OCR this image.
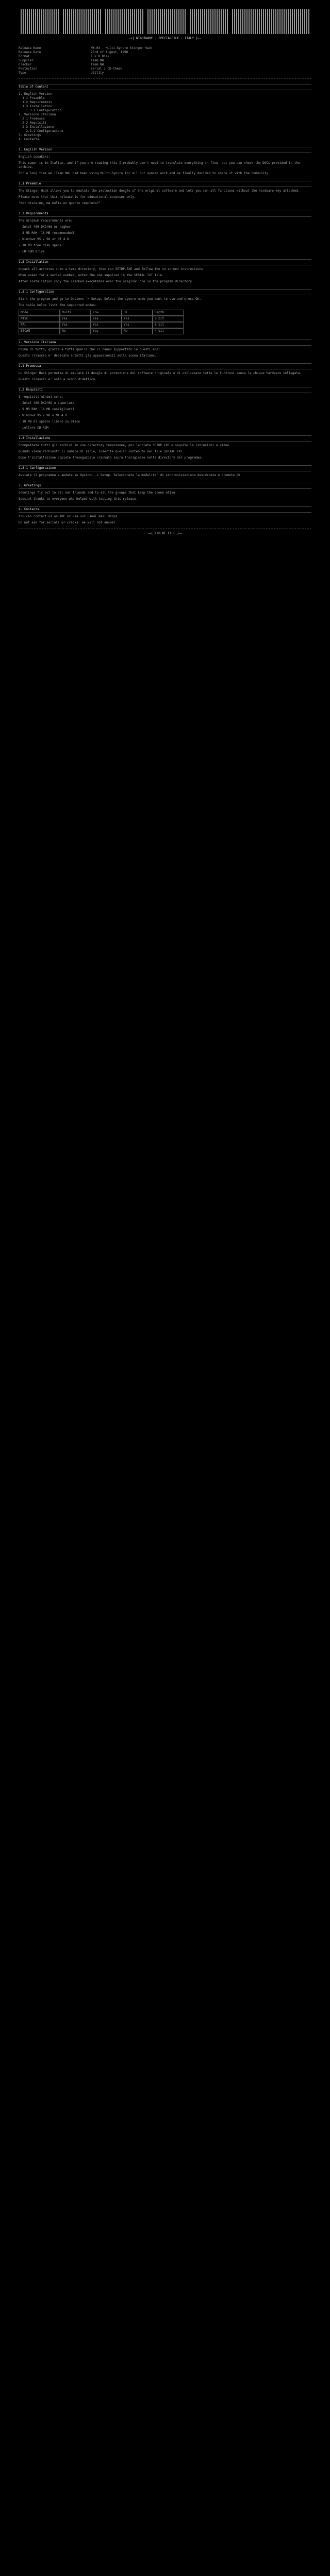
-=[ NIGHTWARE · SPECIALFILE · ITALY ]=-
Release Name	NW-03 - Multi-Syncro Stinger Hack
Release Date	23rd of August, 1998
Format	1 x 8 Disk
Supplier	Team NW
Cracker	Team NW
Protection	Serial / CD-Check
Type	Utility
Table of Content
1. English Version
1.1 Preamble
1.2 Requirements
1.3 Installation
1.3.1 Configuration
2. Versione Italiana
2.1 Premessa
2.2 Requisiti
2.3 Installazione
2.3.1 Configurazione
3. Greetings
4. Contacts
1. English Version
English speakers:
This paper is in Italian, and if you are reading this I probably don't need to translate everything in fine, but you can check the DOCs provided in the archive.
For a long time we (Team NW) had been using Multi-Syncro for all our syncro work and we finally decided to share it with the community.
1.1 Preamble
The Stinger Hack allows you to emulate the protection dongle of the original software and lets you run all functions without the hardware key attached.
Please note that this release is for educational purposes only.
"Not discerne, ma molte no quanto completo?"
1.2 Requirements
The minimum requirements are:
- Intel 486 DX2/66 or higher
- 8 MB RAM (16 MB recommended)
- Windows 95 / 98 or NT 4.0
- 10 MB free disk space
- CD-ROM drive
1.3 Installation
Unpack all archives into a temp directory, then run SETUP.EXE and follow the on-screen instructions.
When asked for a serial number, enter the one supplied in the SERIAL.TXT file.
After installation copy the cracked executable over the original one in the program directory.
1.3.1 Configuration
Start the program and go to Options -> Setup. Select the syncro mode you want to use and press OK.
The table below lists the supported modes:
Mode	Multi	Low	Hi	Depth
NTSC	Yes	Yes	Yes	8 bit
PAL	Yes	Yes	Yes	8 bit
SECAM	No	Yes	No	4 bit
2. Versione Italiana
Prima di tutto, grazie a tutti quelli che ci hanno supportato in questi anni.
Questo rilascio e' dedicato a tutti gli appassionati della scena italiana.
2.1 Premessa
Lo Stinger Hack permette di emulare il dongle di protezione del software originale e di utilizzare tutte le funzioni senza la chiave hardware collegata.
Questo rilascio e' solo a scopo didattico.
2.2 Requisiti
I requisiti minimi sono:
- Intel 486 DX2/66 o superiore
- 8 MB RAM (16 MB consigliati)
- Windows 95 / 98 o NT 4.0
- 10 MB di spazio libero su disco
- Lettore CD-ROM
2.3 Installazione
Scompattate tutti gli archivi in una directory temporanea, poi lanciate SETUP.EXE e seguite le istruzioni a video.
Quando viene richiesto il numero di serie, inserite quello contenuto nel file SERIAL.TXT.
Dopo l'installazione copiate l'eseguibile crackato sopra l'originale nella directory del programma.
2.3.1 Configurazione
Avviate il programma e andate su Opzioni -> Setup. Selezionate la modalita' di sincronizzazione desiderata e premete OK.
3. Greetings
Greetings fly out to all our friends and to all the groups that keep the scene alive.
Special thanks to everyone who helped with testing this release.
4. Contacts
You can contact us on IRC or via our usual mail drops.
Do not ask for serials or cracks: we will not answer.
-=[ END OF FILE ]=-
